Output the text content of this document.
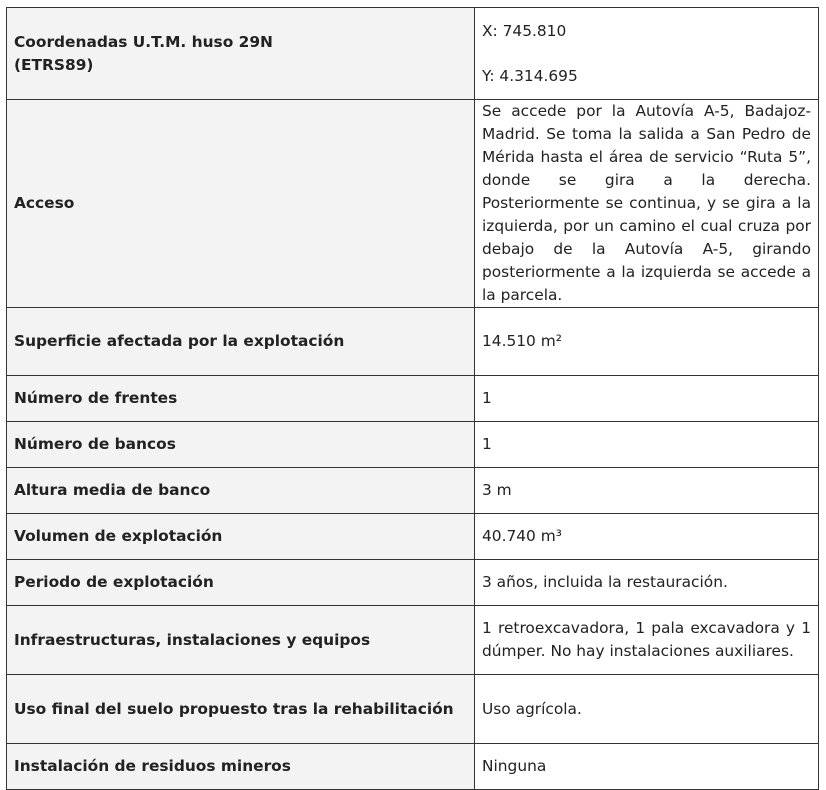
Coordenadas U.T.M. huso 29N (ETRS89)	X: 745.810
Y: 4.314.695

Acceso	Se accede por la Autovía A-5, Badajoz-Madrid. Se toma la salida a San Pedro de Mérida hasta el área de servicio “Ruta 5”, donde se gira a la derecha. Posteriormente se continua, y se gira a la izquierda, por un camino el cual cruza por debajo de la Autovía A-5, girando posteriormente a la izquierda se accede a la parcela.
Superficie afectada por la explotación	14.510 m²
Número de frentes	1
Número de bancos	1
Altura media de banco	3 m
Volumen de explotación	40.740 m³
Periodo de explotación	3 años, incluida la restauración.
Infraestructuras, instalaciones y equipos	1 retroexcavadora, 1 pala excavadora y 1 dúmper. No hay instalaciones auxiliares.
Uso final del suelo propuesto tras la rehabilitación	Uso agrícola.
Instalación de residuos mineros	Ninguna
